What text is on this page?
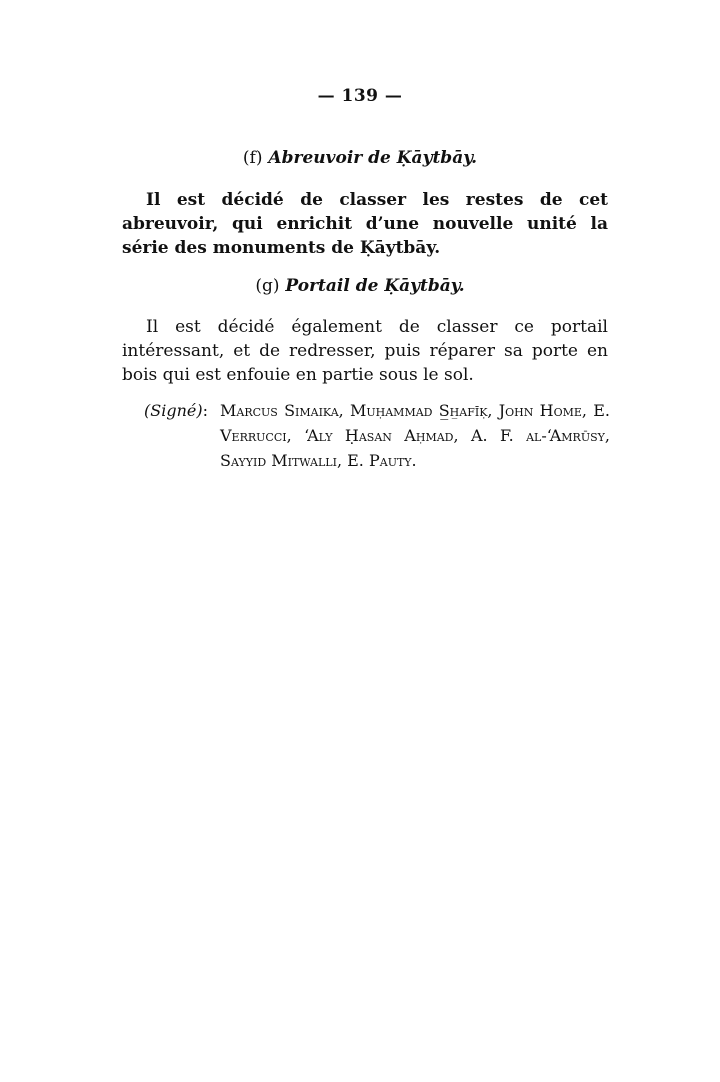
— 139 —
(f) Abreuvoir de Ḳāytbāy.

Il est décidé de classer les restes de cet abreuvoir, qui enrichit d’une nouvelle unité la série des monuments de Ḳāytbāy.

(g) Portail de Ḳāytbāy.

Il est décidé également de classer ce portail intéressant, et de redresser, puis réparer sa porte en bois qui est enfouie en partie sous le sol.

(Signé): Marcus Simaika, Muḥammad S̲h̲afīḳ, John Home, E. Verrucci, ‘Aly Ḥasan Aḥmad, A. F. al-‘Amrūsy, Sayyid Mitwalli, E. Pauty.
